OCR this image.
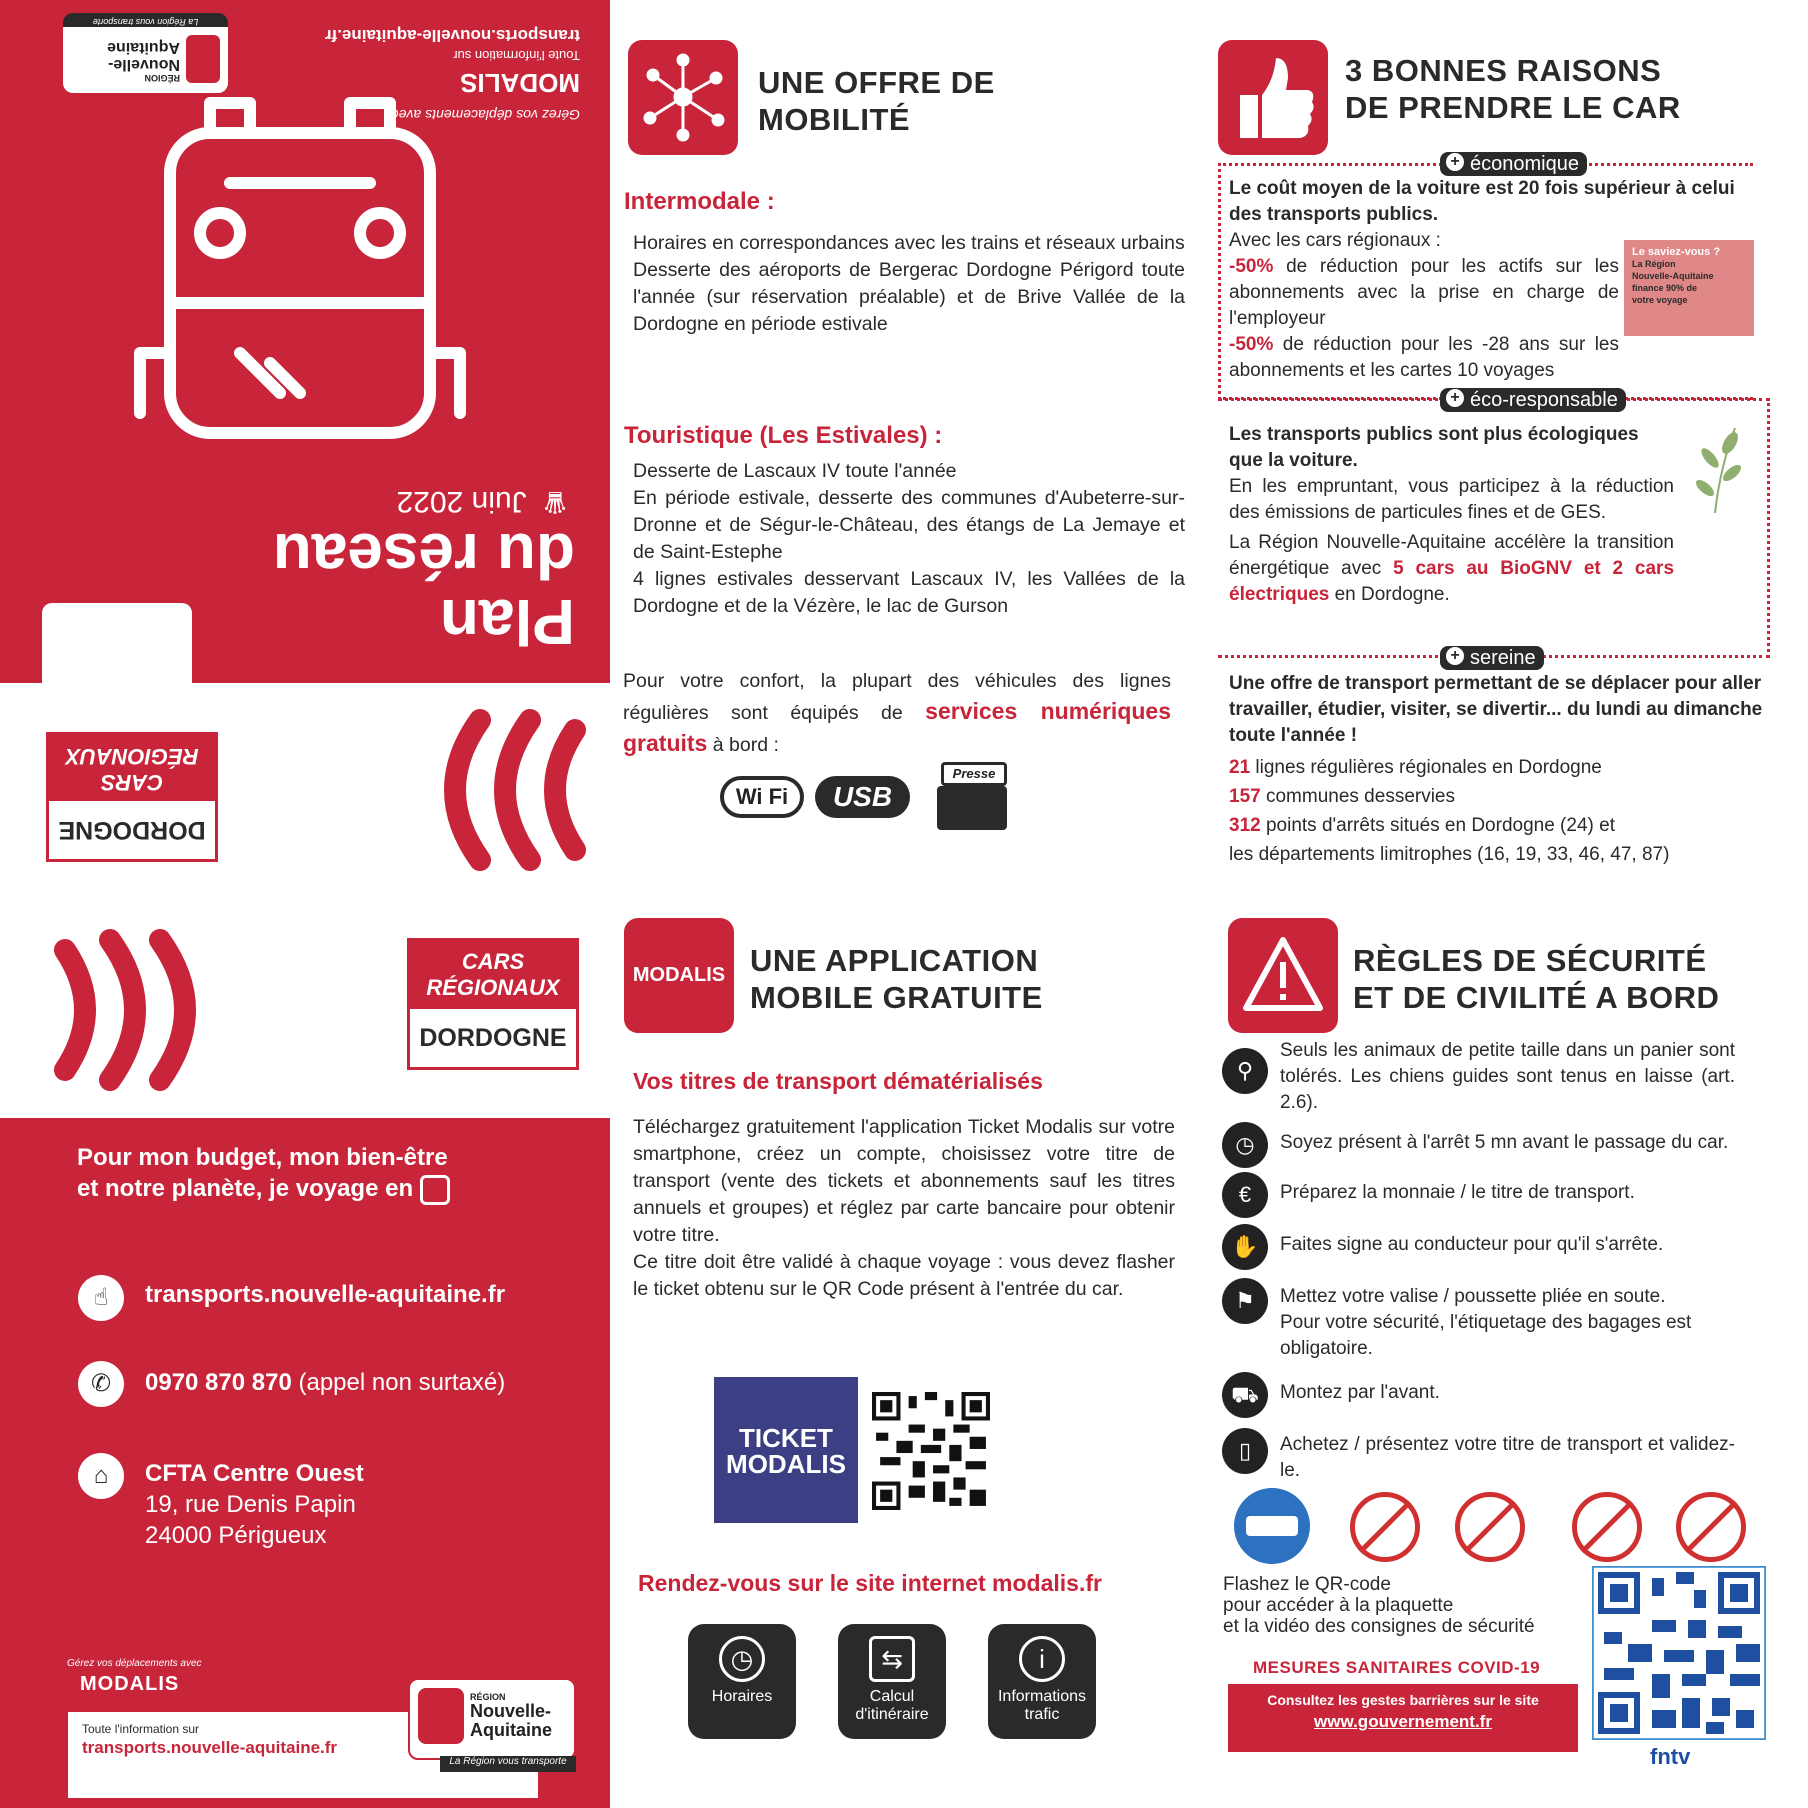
Plan
du réseau
♛ Juin 2022
Gérez vos déplacements avec
MODALIS
Toute l'information sur
transports.nouvelle-aquitaine.fr
RÉGION
Nouvelle-
Aquitaine
La Région vous transporte
DORDOGNE
CARS
RÉGIONAUX
CARS
RÉGIONAUX
DORDOGNE
Pour mon budget, mon bien-être
et notre planète, je voyage en
☝	transports.nouvelle-aquitaine.fr
✆	0970 870 870 (appel non surtaxé)
⌂	CFTA Centre Ouest
19, rue Denis Papin
24000 Périgueux
Gérez vos déplacements avec
MODALIS
Toute l'information sur
transports.nouvelle-aquitaine.fr
RÉGION
Nouvelle-
Aquitaine
La Région vous transporte
UNE OFFRE DE
MOBILITÉ
Intermodale :
Horaires en correspondances avec les trains et réseaux urbains
Desserte des aéroports de Bergerac Dordogne Périgord toute l'année (sur réservation préalable) et de Brive Vallée de la Dordogne en période estivale
Touristique (Les Estivales) :
Desserte de Lascaux IV toute l'année
En période estivale, desserte des communes d'Aubeterre-sur-Dronne et de Ségur-le-Château, des étangs de La Jemaye et de Saint-Estephe
4 lignes estivales desservant Lascaux IV, les Vallées de la Dordogne et de la Vézère, le lac de Gurson
Pour votre confort, la plupart des véhicules des lignes régulières sont équipés de services numériques gratuits à bord :
Wi Fi	USB
Presse
3 BONNES RAISONS
DE PRENDRE LE CAR
+ économique
Le coût moyen de la voiture est 20 fois supérieur à celui des transports publics.
Avec les cars régionaux :
-50% de réduction pour les actifs sur les abonnements avec la prise en charge de l'employeur
-50% de réduction pour les -28 ans sur les abonnements et les cartes 10 voyages
Le saviez-vous ?
La Région Nouvelle-Aquitaine finance 90% de votre voyage
+ éco-responsable
Les transports publics sont plus écologiques que la voiture.
En les empruntant, vous participez à la réduction des émissions de particules fines et de GES.
La Région Nouvelle-Aquitaine accélère la transition énergétique avec 5 cars au BioGNV et 2 cars électriques en Dordogne.
+ sereine
Une offre de transport permettant de se déplacer pour aller travailler, étudier, visiter, se divertir... du lundi au dimanche toute l'année !
21 lignes régulières régionales en Dordogne
157 communes desservies
312 points d'arrêts situés en Dordogne (24) et
les départements limitrophes (16, 19, 33, 46, 47, 87)
MODALIS UNE APPLICATION
MOBILE GRATUITE
Vos titres de transport dématérialisés
Téléchargez gratuitement l'application Ticket Modalis sur votre smartphone, créez un compte, choisissez votre titre de transport (vente des tickets et abonnements sauf les titres annuels et groupes) et réglez par carte bancaire pour obtenir votre titre.
Ce titre doit être validé à chaque voyage : vous devez flasher le ticket obtenu sur le QR Code présent à l'entrée du car.
TICKET
MODALIS
Rendez-vous sur le site internet modalis.fr
◷
Horaires
⇆
Calcul
d'itinéraire
i
Informations
trafic
RÈGLES DE SÉCURITÉ
ET DE CIVILITÉ A BORD
⚲
Seuls les animaux de petite taille dans un panier sont tolérés. Les chiens guides sont tenus en laisse (art. 2.6).
◷	Soyez présent à l'arrêt 5 mn avant le passage du car.
€	Préparez la monnaie / le titre de transport.
✋	Faites signe au conducteur pour qu'il s'arrête.
⚑	Mettez votre valise / poussette pliée en soute.
Pour votre sécurité, l'étiquetage des bagages est obligatoire.
⛟	Montez par l'avant.
▯	Achetez / présentez votre titre de transport et validez-le.
Flashez le QR-code
pour accéder à la plaquette
et la vidéo des consignes de sécurité
MESURES SANITAIRES COVID-19
Consultez les gestes barrières sur le site
www.gouvernement.fr
fntv
